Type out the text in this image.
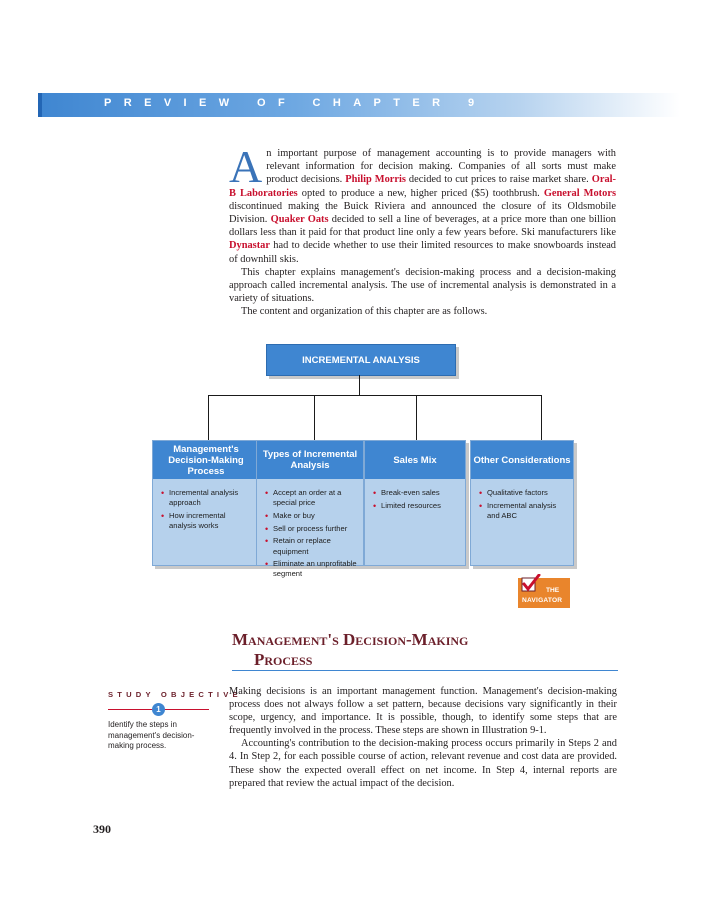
PREVIEW OF CHAPTER 9

An important purpose of management accounting is to provide managers with relevant information for decision making. Companies of all sorts must make product decisions. Philip Morris decided to cut prices to raise market share. Oral-B Laboratories opted to produce a new, higher priced ($5) toothbrush. General Motors discontinued making the Buick Riviera and announced the closure of its Oldsmobile Division. Quaker Oats decided to sell a line of beverages, at a price more than one billion dollars less than it paid for that product line only a few years before. Ski manufacturers like Dynastar had to decide whether to use their limited resources to make snowboards instead of downhill skis.

This chapter explains management's decision-making process and a decision-making approach called incremental analysis. The use of incremental analysis is demonstrated in a variety of situations.

The content and organization of this chapter are as follows.

INCREMENTAL ANALYSIS
Management's Decision-Making Process
• Incremental analysis approach
• How incremental analysis works
Types of Incremental Analysis
• Accept an order at a special price
• Make or buy
• Sell or process further
• Retain or replace equipment
• Eliminate an unprofitable segment
Sales Mix
• Break-even sales
• Limited resources
Other Considerations
• Qualitative factors
• Incremental analysis and ABC
THE
NAVIGATOR
Management's Decision-Making
Process
STUDY OBJECTIVE
1
Identify the steps in management's decision-making process.

Making decisions is an important management function. Management's decision-making process does not always follow a set pattern, because decisions vary significantly in their scope, urgency, and importance. It is possible, though, to identify some steps that are frequently involved in the process. These steps are shown in Illustration 9-1.

Accounting's contribution to the decision-making process occurs primarily in Steps 2 and 4. In Step 2, for each possible course of action, relevant revenue and cost data are provided. These show the expected overall effect on net income. In Step 4, internal reports are prepared that review the actual impact of the decision.

390
